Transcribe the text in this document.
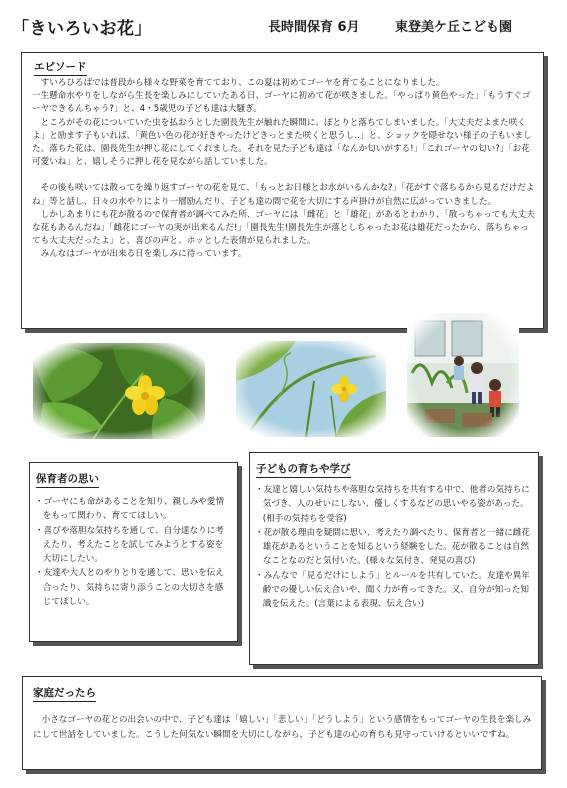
「きいろいお花」	長時間保育 6月	東登美ケ丘こども園
エピソード

すいろひろばでは普段から様々な野菜を育てており、この夏は初めてゴーヤを育てることになりました。

一生懸命水やりをしながら生長を楽しみにしていたある日、ゴーヤに初めて花が咲きました。「やっぱり黄色やった」「もうすぐゴーヤできるんちゃう?」と、4・5歳児の子ども達は大騒ぎ。

ところがその花についていた虫を払おうとした園長先生が触れた瞬間に、ぽとりと落ちてしまいました。「大丈夫だよまた咲くよ」と励ます子もいれば、「黄色い色の花が好きやったけどきっとまた咲くと思うし‥」と、ショックを隠せない様子の子もいました。落ちた花は、園長先生が押し花にしてくれました。それを見た子ども達は「なんか匂いがする!」「これゴーヤの匂い?」「お花可愛いね」と、嬉しそうに押し花を見ながら話していました。

その後も咲いては散ってを繰り返すゴーヤの花を見て、「もっとお日様とお水がいるんかな?」「花がすぐ落ちるから見るだけだよね」等と話し、日々の水やりにより一層励んだり、子ども達の間で花を大切にする声掛けが自然に広がっていきました。

しかしあまりにも花が散るので保育者が調べてみた所、ゴーヤには「雌花」と「雄花」があるとわかり、「散っちゃっても大丈夫な花もあるんだね」「雌花にゴーヤの実が出来るんだ!」「園長先生!園長先生が落としちゃったお花は雄花だったから、落ちちゃっても大丈夫だったよ」と、喜びの声と、ホッとした表情が見られました。

みんなはゴーヤが出来る日を楽しみに待っています。

保育者の思い

・ゴーヤにも命があることを知り、親しみや愛情をもって関わり、育ててほしい。

・喜びや落胆な気持ちを通して、自分達なりに考えたり、考えたことを試してみようとする姿を大切にしたい。

・友達や大人とのやりとりを通して、思いを伝え合ったり、気持ちに寄り添うことの大切さを感じてほしい。

子どもの育ちや学び

・友達と嬉しい気持ちや落胆な気持ちを共有する中で、他者の気持ちに気づき、人のせいにしない、優しくするなどの思いやる姿があった。(相手の気持ちを受容)

・花が散る理由を疑問に思い、考えたり調べたり、保育者と一緒に雌花雄花があるということを知るという経験をした。花が散ることは自然なことなのだと気付いた。(様々な気付き、発見の喜び)

・みんなで「見るだけにしよう」とルールを共有していた。友達や異年齢での優しい伝え合いや、聞く力が育ってきた。又、自分が知った知識を伝えた。(言葉による表現、伝え合い)

家庭だったら

小さなゴーヤの花との出会いの中で、子ども達は「嬉しい」「悲しい」「どうしよう」という感情をもってゴーヤの生長を楽しみにして世話をしていました。こうした何気ない瞬間を大切にしながら、子ども達の心の育ちも見守っていけるといいですね。
